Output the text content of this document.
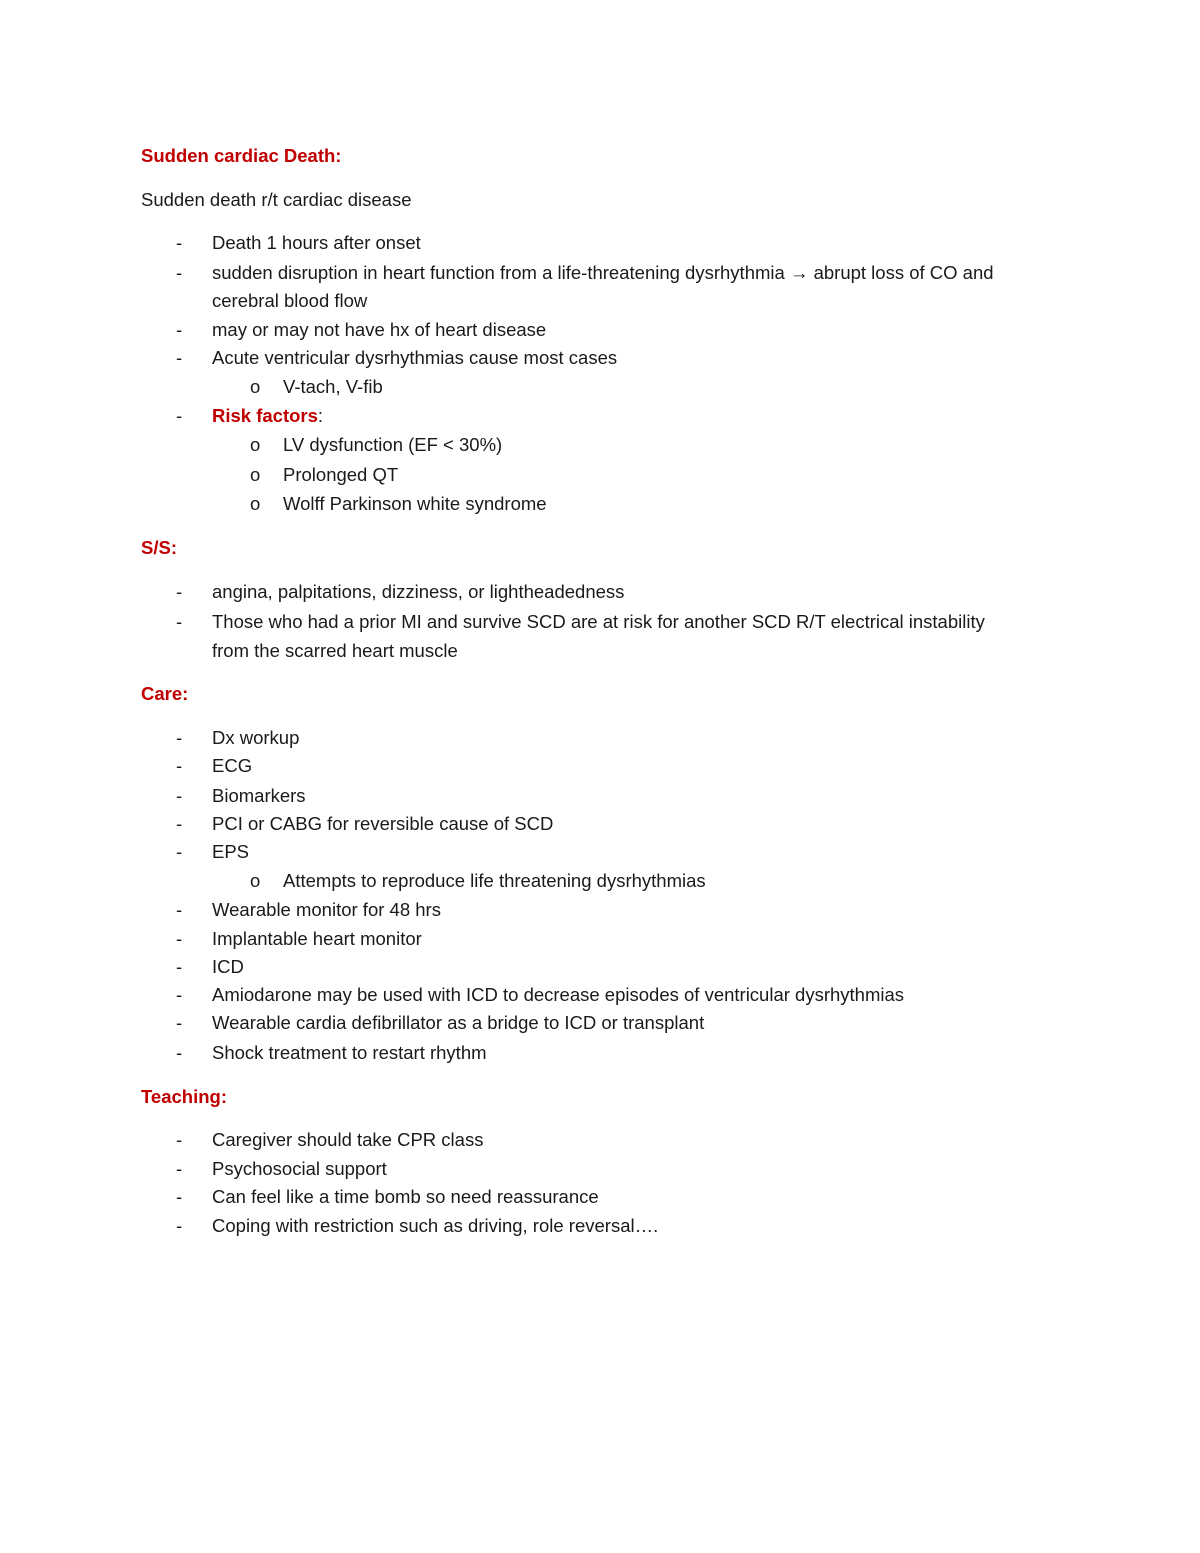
Sudden cardiac Death:
Sudden death r/t cardiac disease
- Death 1 hours after onset
- sudden disruption in heart function from a life-threatening dysrhythmia → abrupt loss of CO and
cerebral blood flow
- may or may not have hx of heart disease
- Acute ventricular dysrhythmias cause most cases
o V-tach, V-fib
- Risk factors:
o LV dysfunction (EF < 30%)
o Prolonged QT
o Wolff Parkinson white syndrome
S/S:
- angina, palpitations, dizziness, or lightheadedness
- Those who had a prior MI and survive SCD are at risk for another SCD R/T electrical instability
from the scarred heart muscle
Care:
- Dx workup
- ECG
- Biomarkers
- PCI or CABG for reversible cause of SCD
- EPS
o Attempts to reproduce life threatening dysrhythmias
- Wearable monitor for 48 hrs
- Implantable heart monitor
- ICD
- Amiodarone may be used with ICD to decrease episodes of ventricular dysrhythmias
- Wearable cardia defibrillator as a bridge to ICD or transplant
- Shock treatment to restart rhythm
Teaching:
- Caregiver should take CPR class
- Psychosocial support
- Can feel like a time bomb so need reassurance
- Coping with restriction such as driving, role reversal….
